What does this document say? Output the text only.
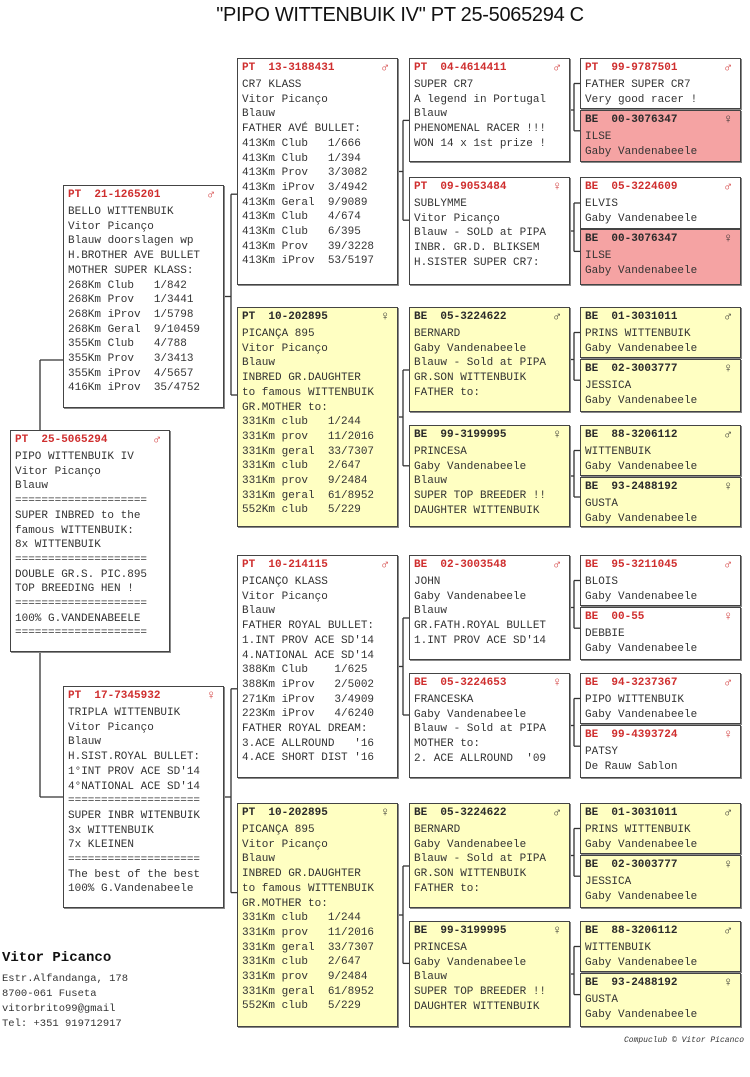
"PIPO WITTENBUIK IV" PT 25-5065294 C
PT 25-5065294	♂
PIPO WITTENBUIK IV
Vitor Picanço
Blauw
====================
SUPER INBRED to the
famous WITTENBUIK:
8x WITTENBUIK
====================
DOUBLE GR.S. PIC.895
TOP BREEDING HEN !
====================
100% G.VANDENABEELE
====================
PT 21-1265201	♂
BELLO WITTENBUIK
Vitor Picanço
Blauw doorslagen wp
H.BROTHER AVE BULLET
MOTHER SUPER KLASS:
268Km Club   1/842
268Km Prov   1/3441
268Km iProv  1/5798
268Km Geral  9/10459
355Km Club   4/788
355Km Prov   3/3413
355Km iProv  4/5657
416Km iProv  35/4752
PT 17-7345932	♀
TRIPLA WITTENBUIK
Vitor Picanço
Blauw
H.SIST.ROYAL BULLET:
1°INT PROV ACE SD'14
4°NATIONAL ACE SD'14
====================
SUPER INBR WITENBUIK
3x WITTENBUIK
7x KLEINEN
====================
The best of the best
100% G.Vandenabeele
PT 13-3188431	♂
CR7 KLASS
Vitor Picanço
Blauw
FATHER AVÉ BULLET:
413Km Club   1/666
413Km Club   1/394
413Km Prov   3/3082
413Km iProv  3/4942
413Km Geral  9/9089
413Km Club   4/674
413Km Club   6/395
413Km Prov   39/3228
413Km iProv  53/5197
PT 10-202895	♀
PICANÇA 895
Vitor Picanço
Blauw
INBRED GR.DAUGHTER
to famous WITTENBUIK
GR.MOTHER to:
331Km club   1/244
331Km prov   11/2016
331Km geral  33/7307
331Km club   2/647
331Km prov   9/2484
331Km geral  61/8952
552Km club   5/229
PT 10-214115	♂
PICANÇO KLASS
Vitor Picanço
Blauw
FATHER ROYAL BULLET:
1.INT PROV ACE SD'14
4.NATIONAL ACE SD'14
388Km Club    1/625
388Km iProv   2/5002
271Km iProv   3/4909
223Km iProv   4/6240
FATHER ROYAL DREAM:
3.ACE ALLROUND   '16
4.ACE SHORT DIST '16
PT 10-202895	♀
PICANÇA 895
Vitor Picanço
Blauw
INBRED GR.DAUGHTER
to famous WITTENBUIK
GR.MOTHER to:
331Km club   1/244
331Km prov   11/2016
331Km geral  33/7307
331Km club   2/647
331Km prov   9/2484
331Km geral  61/8952
552Km club   5/229
PT 04-4614411	♂
SUPER CR7
A legend in Portugal
Blauw
PHENOMENAL RACER !!!
WON 14 x 1st prize !
PT 09-9053484	♀
SUBLYMME
Vitor Picanço
Blauw - SOLD at PIPA
INBR. GR.D. BLIKSEM
H.SISTER SUPER CR7:
BE 05-3224622	♂
BERNARD
Gaby Vandenabeele
Blauw - Sold at PIPA
GR.SON WITTENBUIK
FATHER to:
BE 99-3199995	♀
PRINCESA
Gaby Vandenabeele
Blauw
SUPER TOP BREEDER !!
DAUGHTER WITTENBUIK
BE 02-3003548	♂
JOHN
Gaby Vandenabeele
Blauw
GR.FATH.ROYAL BULLET
1.INT PROV ACE SD'14
BE 05-3224653	♀
FRANCESKA
Gaby Vandenabeele
Blauw - Sold at PIPA
MOTHER to:
2. ACE ALLROUND  '09
BE 05-3224622	♂
BERNARD
Gaby Vandenabeele
Blauw - Sold at PIPA
GR.SON WITTENBUIK
FATHER to:
BE 99-3199995	♀
PRINCESA
Gaby Vandenabeele
Blauw
SUPER TOP BREEDER !!
DAUGHTER WITTENBUIK
PT 99-9787501	♂
FATHER SUPER CR7
Very good racer !
BE 00-3076347	♀
ILSE
Gaby Vandenabeele
BE 05-3224609	♂
ELVIS
Gaby Vandenabeele
BE 00-3076347	♀
ILSE
Gaby Vandenabeele
BE 01-3031011	♂
PRINS WITTENBUIK
Gaby Vandenabeele
BE 02-3003777	♀
JESSICA
Gaby Vandenabeele
BE 88-3206112	♂
WITTENBUIK
Gaby Vandenabeele
BE 93-2488192	♀
GUSTA
Gaby Vandenabeele
BE 95-3211045	♂
BLOIS
Gaby Vandenabeele
BE 00-55	♀
DEBBIE
Gaby Vandenabeele
BE 94-3237367	♂
PIPO WITTENBUIK
Gaby Vandenabeele
BE 99-4393724	♀
PATSY
De Rauw Sablon
BE 01-3031011	♂
PRINS WITTENBUIK
Gaby Vandenabeele
BE 02-3003777	♀
JESSICA
Gaby Vandenabeele
BE 88-3206112	♂
WITTENBUIK
Gaby Vandenabeele
BE 93-2488192	♀
GUSTA
Gaby Vandenabeele
Vitor Picanco
Estr.Alfandanga, 178
8700-061 Fuseta
vitorbrito99@gmail
Tel: +351 919712917
Compuclub © Vitor Picanco
